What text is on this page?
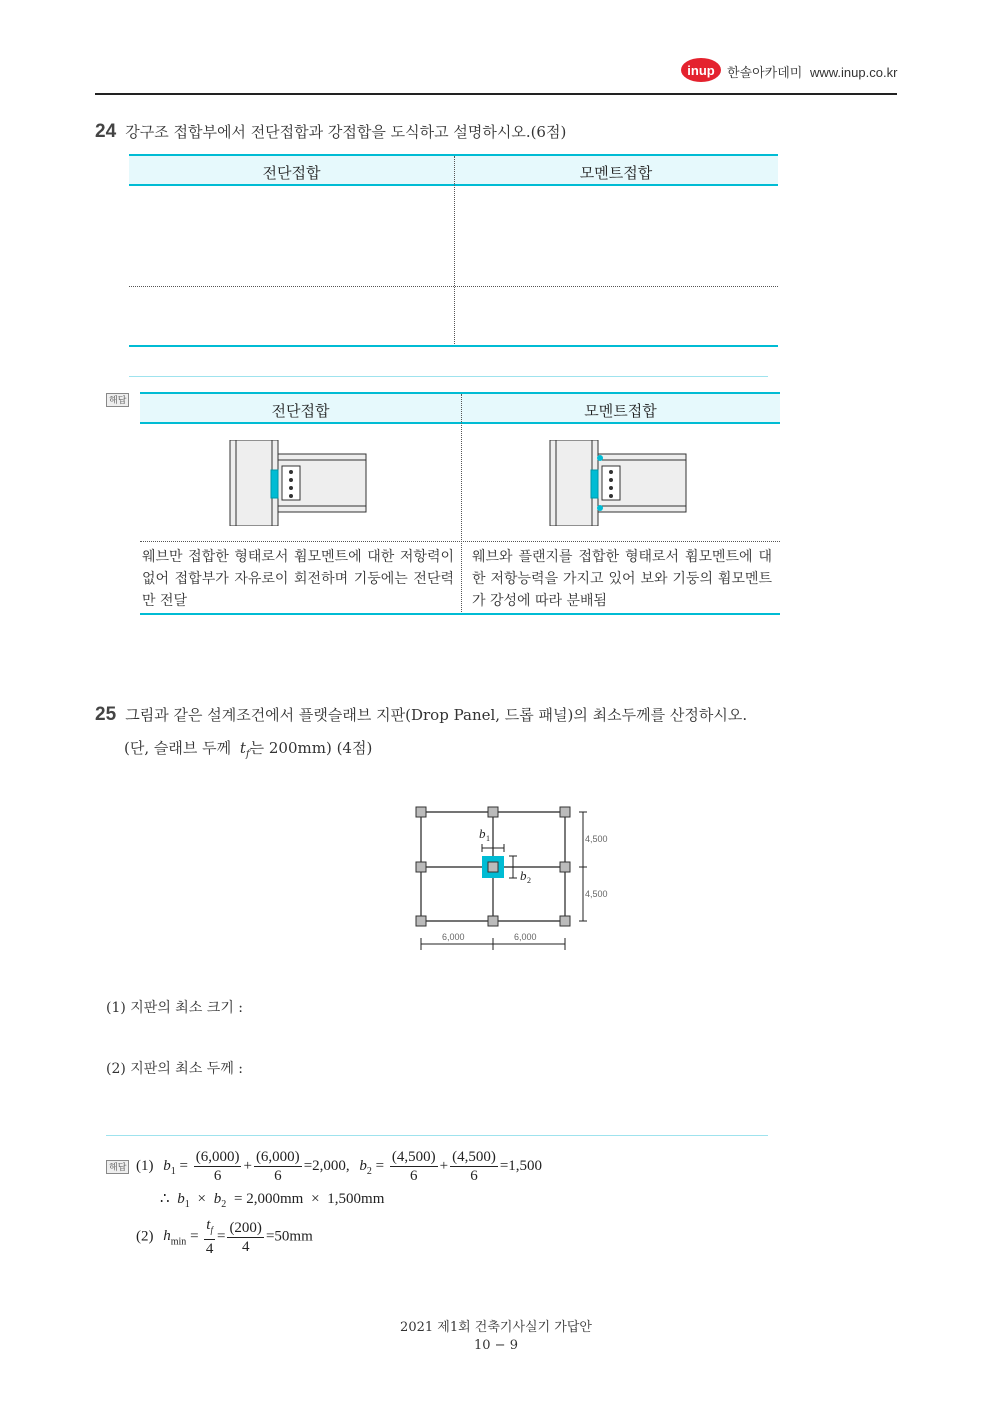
inup 한솔아카데미 www.inup.co.kr
24 강구조 접합부에서 전단접합과 강접합을 도식하고 설명하시오.(6점)
전단접합	모멘트접합
해답
전단접합	모멘트접합
웨브만 접합한 형태로서 휨모멘트에 대한 저항력이 없어 접합부가 자유로이 회전하며 기둥에는 전단력만 전달
웨브와 플랜지를 접합한 형태로서 휨모멘트에 대한 저항능력을 가지고 있어 보와 기둥의 휨모멘트가 강성에 따라 분배됨
25 그림과 같은 설계조건에서 플랫슬래브 지판(Drop Panel, 드롭 패널)의 최소두께를 산정하시오.
(단, 슬래브 두께 $t_f$는 200mm) (4점)
b 1
b 2
4,500
4,500
6,000	6,000
(1) 지판의 최소 크기 :
(2) 지판의 최소 두께 :
해답 (1) $b_1 = \frac{(6,000)}{6} + \frac{(6,000)}{6} =2,000$, $b_2 = \frac{(4,500)}{6} + \frac{(4,500)}{6} =1,500$
∴ $b_1 \times b_2 = 2,000mm \times 1,500mm$
(2) $h_{min} = \frac{t_f}{4} = \frac{(200)}{4} =50mm$
2021 제1회 건축기사실기 가답안
10 − 9
